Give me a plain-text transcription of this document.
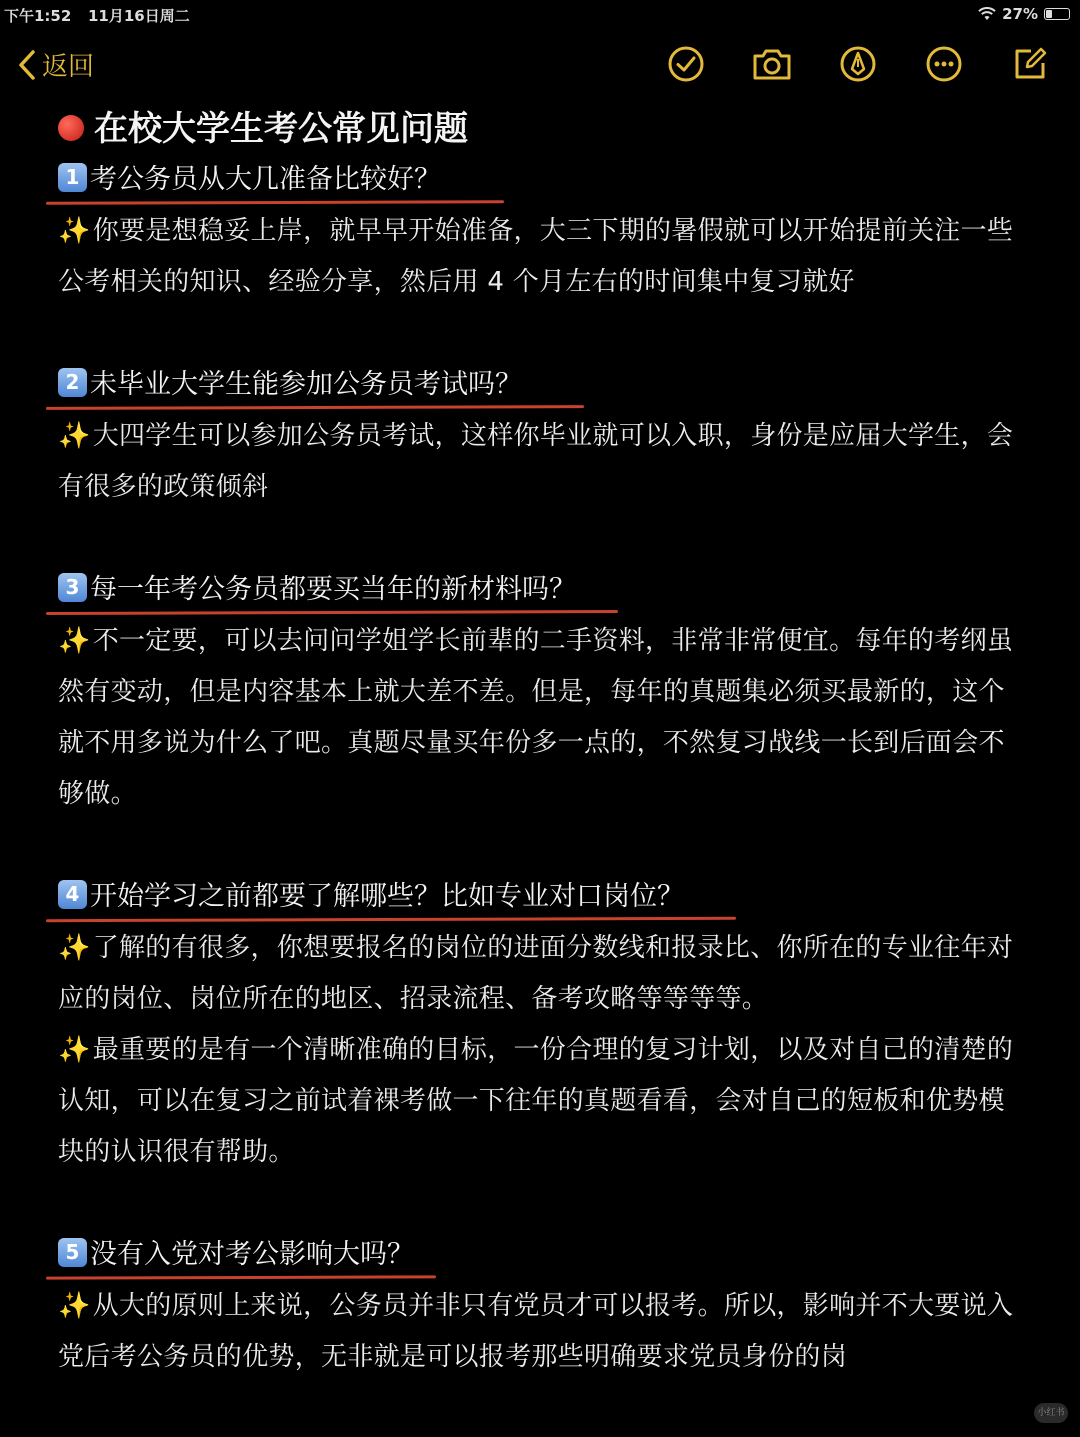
下午1:52 11月16日周二	27%
返回
在校大学生考公常见问题
1 考公务员从大几准备比较好？
✨你要是想稳妥上岸，就早早开始准备，大三下期的暑假就可以开始提前关注一些公考相关的知识、经验分享，然后用 4 个月左右的时间集中复习就好
2 未毕业大学生能参加公务员考试吗？
✨大四学生可以参加公务员考试，这样你毕业就可以入职，身份是应届大学生，会有很多的政策倾斜
3 每一年考公务员都要买当年的新材料吗？
✨不一定要，可以去问问学姐学长前辈的二手资料，非常非常便宜。每年的考纲虽然有变动，但是内容基本上就大差不差。但是，每年的真题集必须买最新的，这个就不用多说为什么了吧。真题尽量买年份多一点的，不然复习战线一长到后面会不够做。
4 开始学习之前都要了解哪些？比如专业对口岗位？
✨了解的有很多，你想要报名的岗位的进面分数线和报录比、你所在的专业往年对应的岗位、岗位所在的地区、招录流程、备考攻略等等等等。
✨最重要的是有一个清晰准确的目标，一份合理的复习计划，以及对自己的清楚的认知，可以在复习之前试着裸考做一下往年的真题看看，会对自己的短板和优势模块的认识很有帮助。
5 没有入党对考公影响大吗？
✨从大的原则上来说，公务员并非只有党员才可以报考。所以，影响并不大要说入党后考公务员的优势，无非就是可以报考那些明确要求党员身份的岗
小红书
